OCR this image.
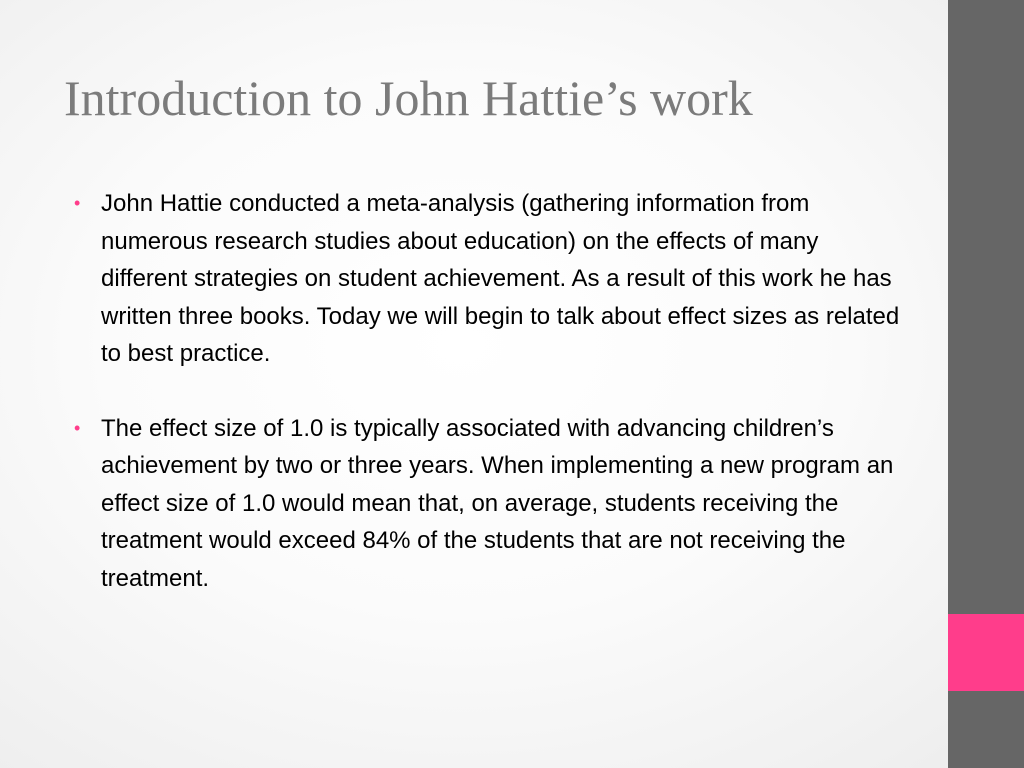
Introduction to John Hattie’s work
• John Hattie conducted a meta-analysis (gathering information from numerous research studies about education) on the effects of many different strategies on student achievement. As a result of this work he has written three books. Today we will begin to talk about effect sizes as related to best practice.
• The effect size of 1.0 is typically associated with advancing children’s achievement by two or three years. When implementing a new program an effect size of 1.0 would mean that, on average, students receiving the treatment would exceed 84% of the students that are not receiving the treatment.
